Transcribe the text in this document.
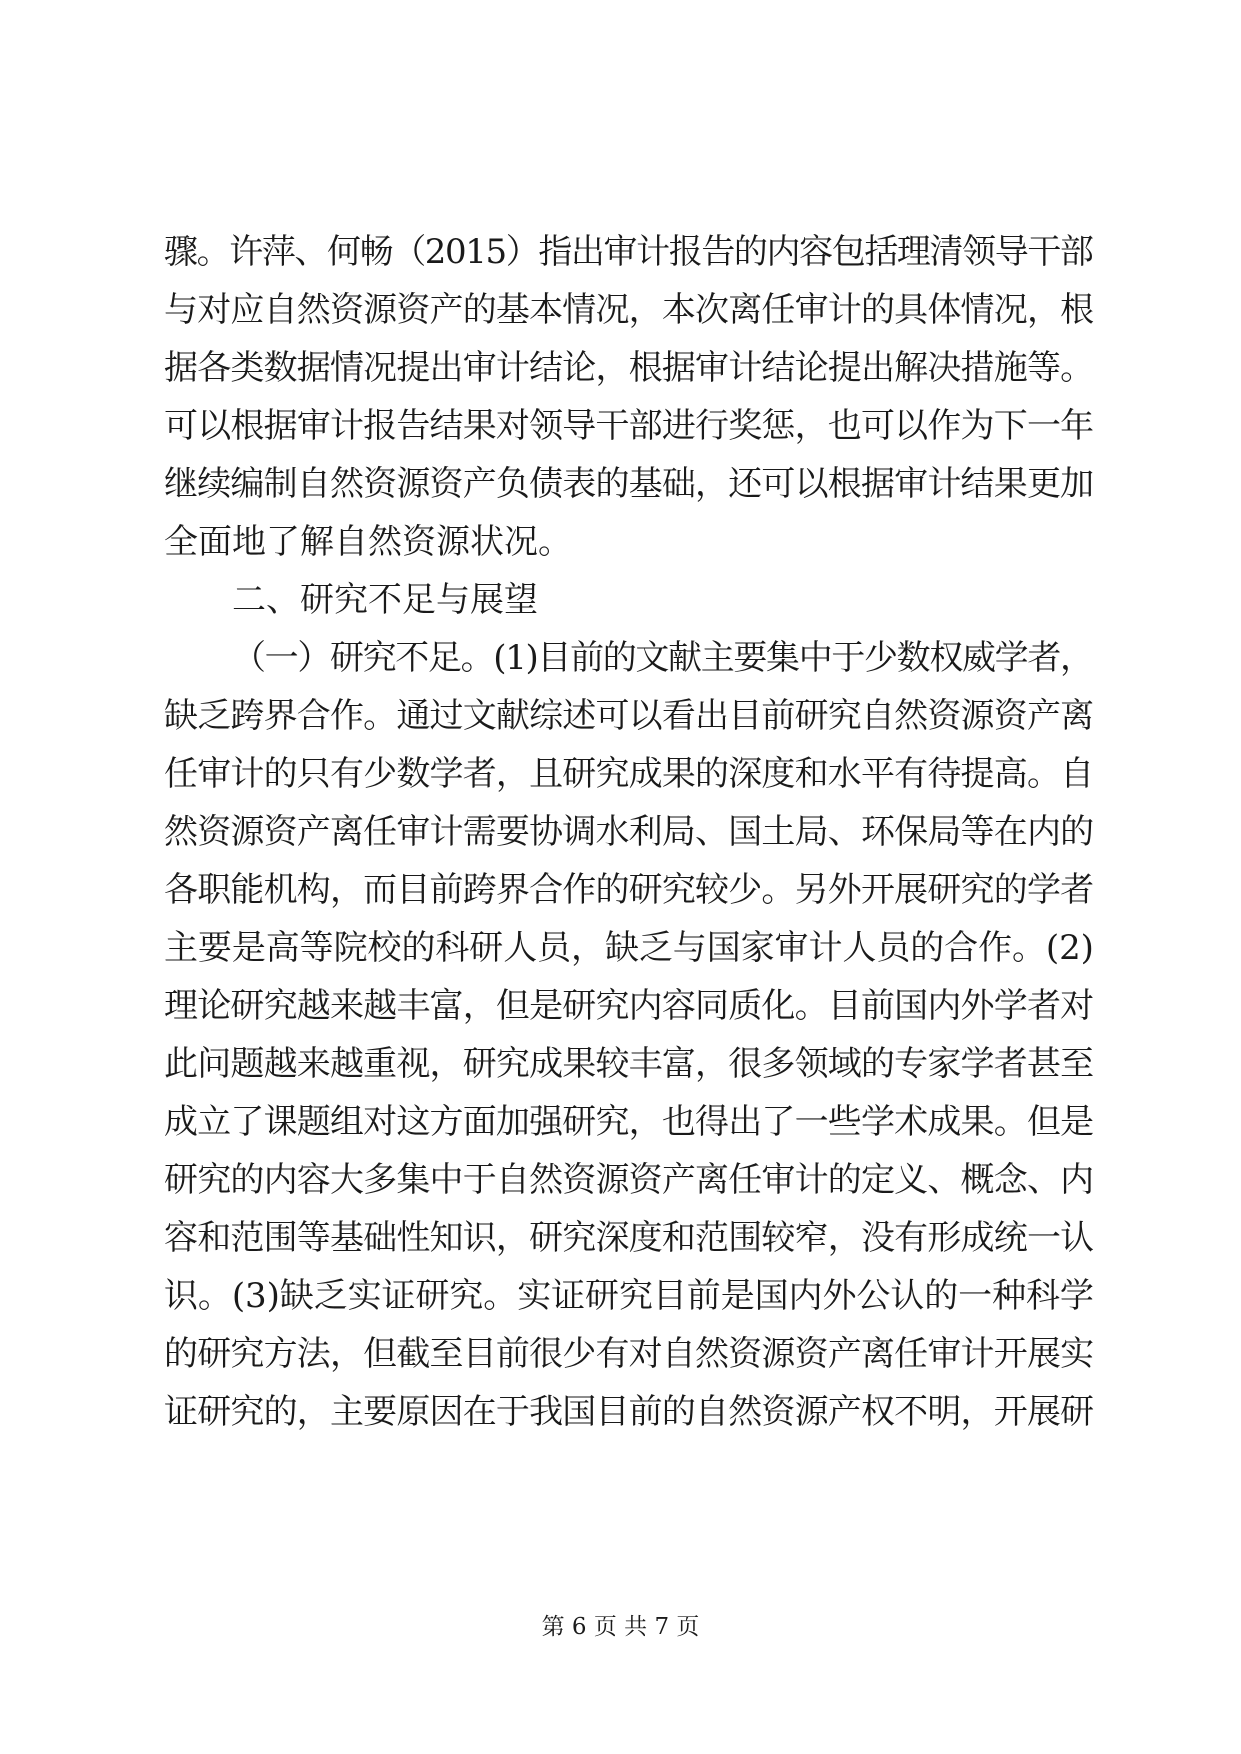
骤。许萍、何畅（2015）指出审计报告的内容包括理清领导干部
与对应自然资源资产的基本情况，本次离任审计的具体情况，根
据各类数据情况提出审计结论，根据审计结论提出解决措施等。
可以根据审计报告结果对领导干部进行奖惩，也可以作为下一年
继续编制自然资源资产负债表的基础，还可以根据审计结果更加
全面地了解自然资源状况。
二、研究不足与展望
（一）研究不足。(1)目前的文献主要集中于少数权威学者，
缺乏跨界合作。通过文献综述可以看出目前研究自然资源资产离
任审计的只有少数学者，且研究成果的深度和水平有待提高。自
然资源资产离任审计需要协调水利局、国土局、环保局等在内的
各职能机构，而目前跨界合作的研究较少。另外开展研究的学者
主要是高等院校的科研人员，缺乏与国家审计人员的合作。(2)
理论研究越来越丰富，但是研究内容同质化。目前国内外学者对
此问题越来越重视，研究成果较丰富，很多领域的专家学者甚至
成立了课题组对这方面加强研究，也得出了一些学术成果。但是
研究的内容大多集中于自然资源资产离任审计的定义、概念、内
容和范围等基础性知识，研究深度和范围较窄，没有形成统一认
识。(3)缺乏实证研究。实证研究目前是国内外公认的一种科学
的研究方法，但截至目前很少有对自然资源资产离任审计开展实
证研究的，主要原因在于我国目前的自然资源产权不明，开展研
第 6 页 共 7 页
